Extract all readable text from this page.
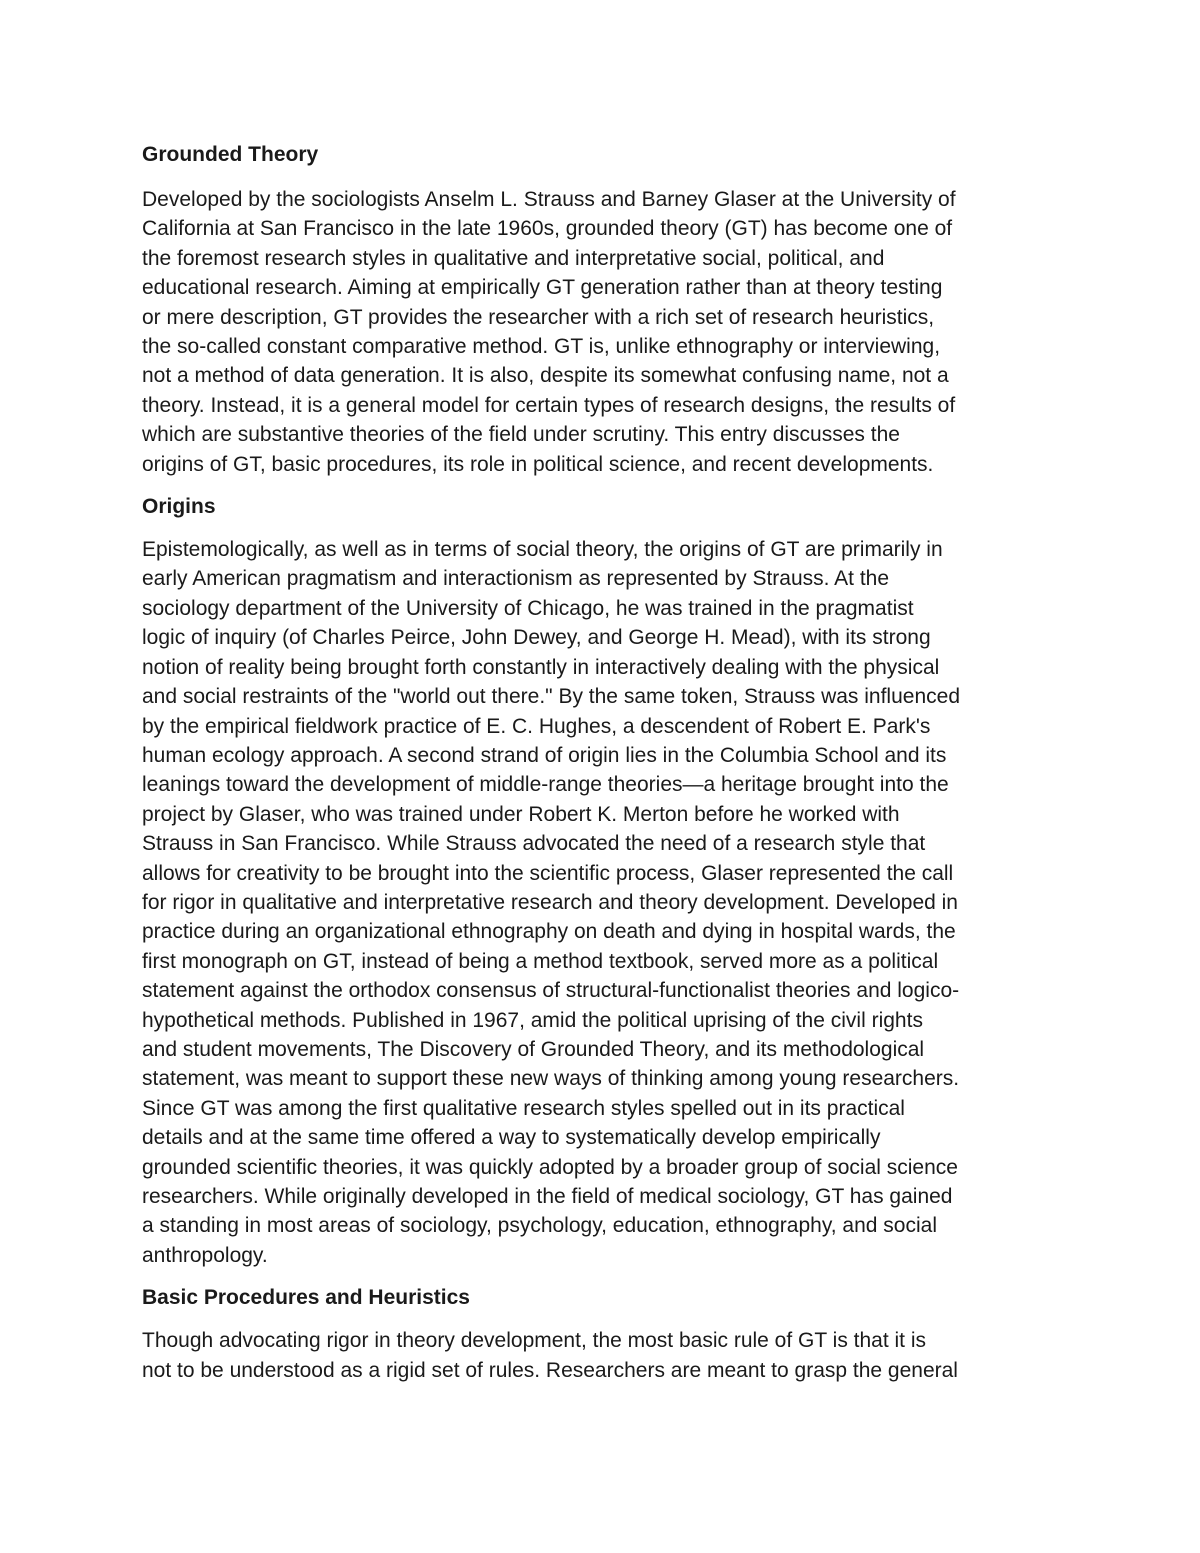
Grounded Theory

Developed by the sociologists Anselm L. Strauss and Barney Glaser at the University of
California at San Francisco in the late 1960s, grounded theory (GT) has become one of
the foremost research styles in qualitative and interpretative social, political, and
educational research. Aiming at empirically GT generation rather than at theory testing
or mere description, GT provides the researcher with a rich set of research heuristics,
the so-called constant comparative method. GT is, unlike ethnography or interviewing,
not a method of data generation. It is also, despite its somewhat confusing name, not a
theory. Instead, it is a general model for certain types of research designs, the results of
which are substantive theories of the field under scrutiny. This entry discusses the
origins of GT, basic procedures, its role in political science, and recent developments.

Origins

Epistemologically, as well as in terms of social theory, the origins of GT are primarily in
early American pragmatism and interactionism as represented by Strauss. At the
sociology department of the University of Chicago, he was trained in the pragmatist
logic of inquiry (of Charles Peirce, John Dewey, and George H. Mead), with its strong
notion of reality being brought forth constantly in interactively dealing with the physical
and social restraints of the "world out there." By the same token, Strauss was influenced
by the empirical fieldwork practice of E. C. Hughes, a descendent of Robert E. Park's
human ecology approach. A second strand of origin lies in the Columbia School and its
leanings toward the development of middle-range theories—a heritage brought into the
project by Glaser, who was trained under Robert K. Merton before he worked with
Strauss in San Francisco. While Strauss advocated the need of a research style that
allows for creativity to be brought into the scientific process, Glaser represented the call
for rigor in qualitative and interpretative research and theory development. Developed in
practice during an organizational ethnography on death and dying in hospital wards, the
first monograph on GT, instead of being a method textbook, served more as a political
statement against the orthodox consensus of structural-functionalist theories and logico-
hypothetical methods. Published in 1967, amid the political uprising of the civil rights
and student movements, The Discovery of Grounded Theory, and its methodological
statement, was meant to support these new ways of thinking among young researchers.
Since GT was among the first qualitative research styles spelled out in its practical
details and at the same time offered a way to systematically develop empirically
grounded scientific theories, it was quickly adopted by a broader group of social science
researchers. While originally developed in the field of medical sociology, GT has gained
a standing in most areas of sociology, psychology, education, ethnography, and social
anthropology.

Basic Procedures and Heuristics

Though advocating rigor in theory development, the most basic rule of GT is that it is
not to be understood as a rigid set of rules. Researchers are meant to grasp the general
